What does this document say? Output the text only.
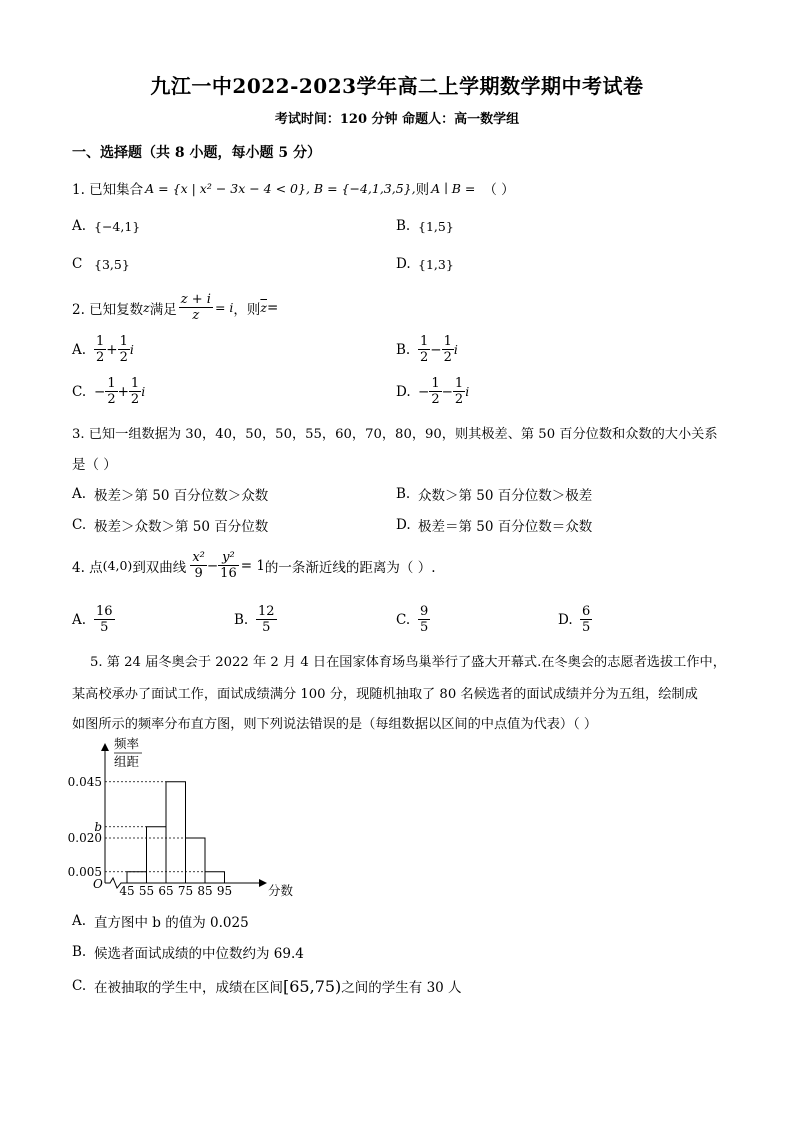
九江一中2022-2023学年高二上学期数学期中考试卷
考试时间：120 分钟 命题人：高一数学组
一、选择题（共 8 小题，每小题 5 分）
1. 已知集合 A = {x | x² − 3x − 4 < 0}, B = {−4,1,3,5}, 则 A ∣ B = （ ）
A. {−4,1}	B. {1,5}
C {3,5}	D. {1,3}
2. 已知复数 z 满足 $\frac{z + i}{z} = i$ ，则 $\overline{z}$ =
A. $\frac{1}{2} + \frac{1}{2}$ i	B. $\frac{1}{2} - \frac{1}{2}$ i
C. − $\frac{1}{2} + \frac{1}{2}$ i	D. − $\frac{1}{2} - \frac{1}{2}$ i
3. 已知一组数据为 30，40，50，50，55，60，70，80，90，则其极差、第 50 百分位数和众数的大小关系
是（ ）
A. 极差＞第 50 百分位数＞众数	B. 众数＞第 50 百分位数＞极差
C. 极差＞众数＞第 50 百分位数	D. 极差＝第 50 百分位数＝众数
4. 点 (4,0) 到双曲线 $\frac{\text{x²}}{9} - \frac{\text{y²}}{16} = 1$ 的一条渐近线的距离为（ ）.
A. $\frac{16}{5}$	B. $\frac{12}{5}$	C. $\frac{9}{5}$	D. $\frac{6}{5}$
5. 第 24 届冬奥会于 2022 年 2 月 4 日在国家体育场鸟巢举行了盛大开幕式.在冬奥会的志愿者选拔工作中，
某高校承办了面试工作，面试成绩满分 100 分，现随机抽取了 80 名候选者的面试成绩并分为五组，绘制成
如图所示的频率分布直方图，则下列说法错误的是（每组数据以区间的中点值为代表）（ ）
频率
组距
O	分数
45 55 65 75 85 95
0.045
b
0.020
0.005
A. 直方图中 b 的值为 0.025
B. 候选者面试成绩的中位数约为 69.4
C. 在被抽取的学生中，成绩在区间 [65,75) 之间的学生有 30 人
